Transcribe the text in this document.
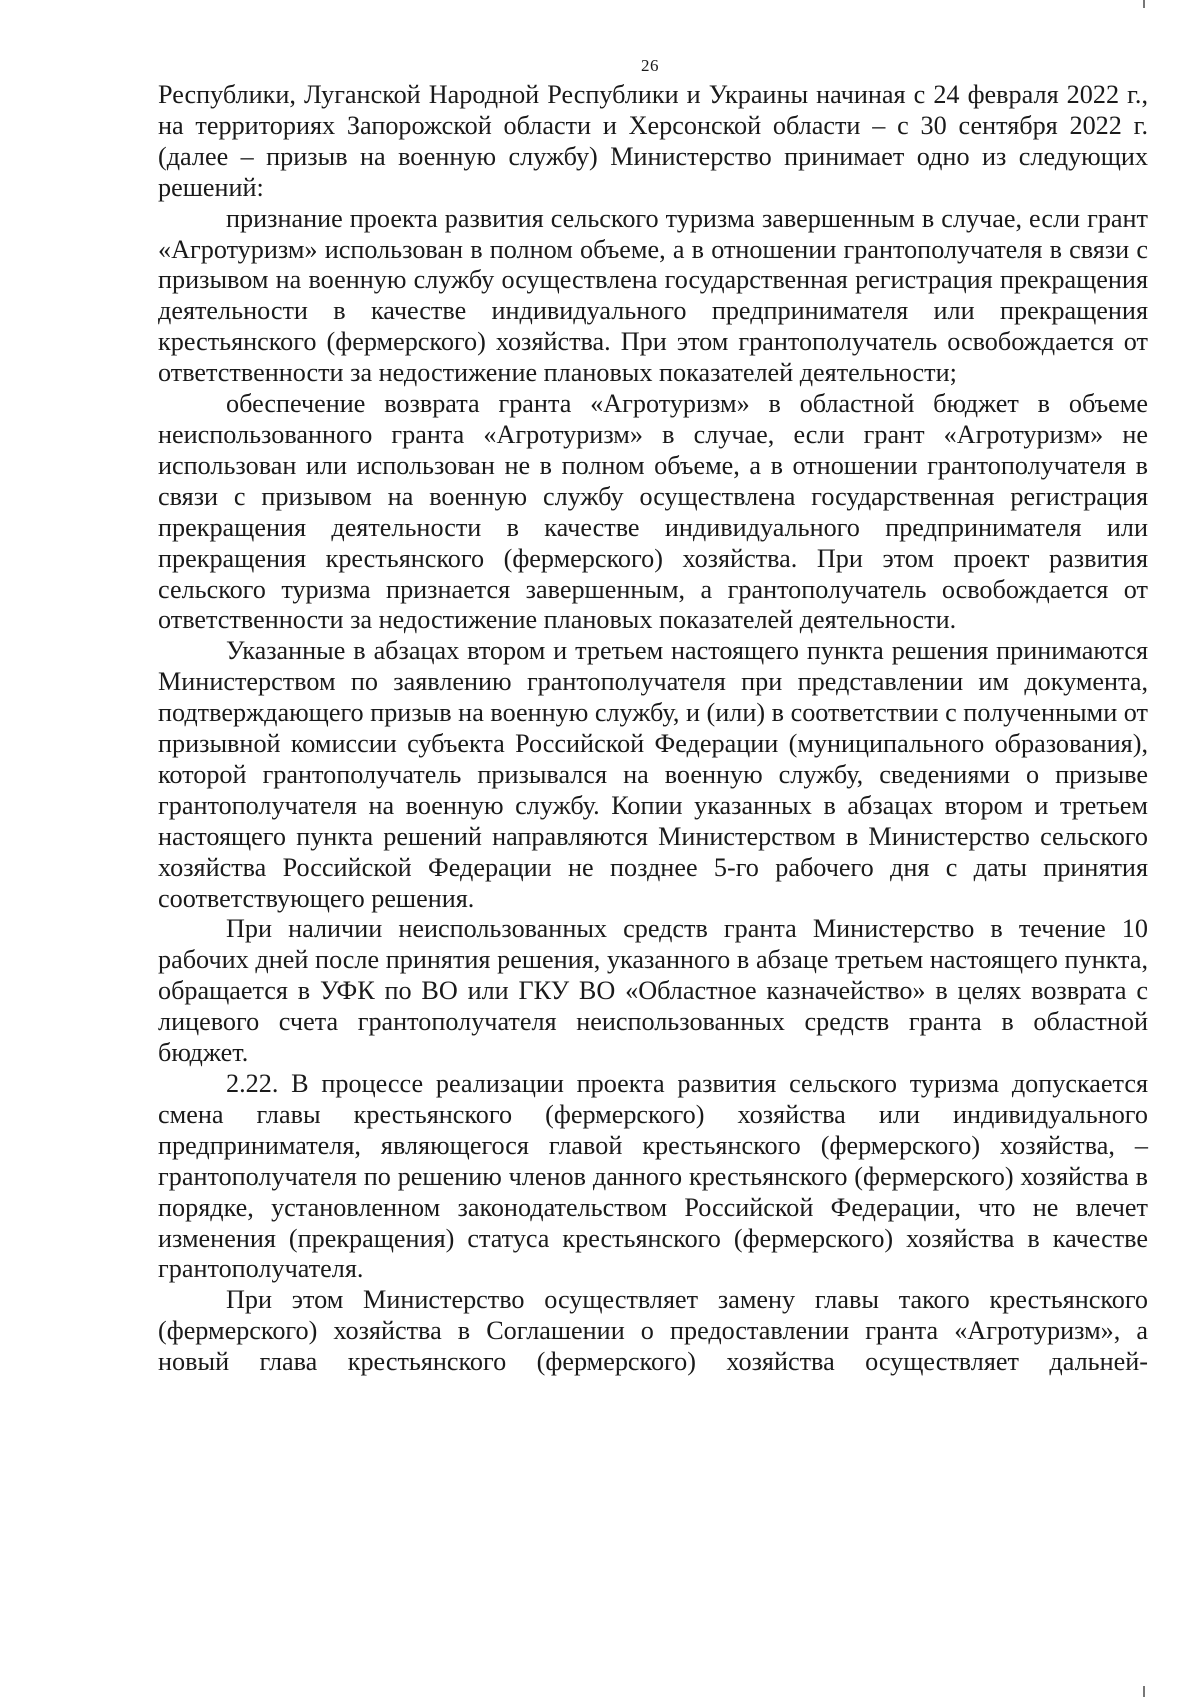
26

Республики, Луганской Народной Республики и Украины начиная с 24 февраля 2022 г., на территориях Запорожской области и Херсонской области – с 30 сентября 2022 г. (далее – призыв на военную службу) Министерство принимает одно из следующих решений:

признание проекта развития сельского туризма завершенным в случае, если грант «Агротуризм» использован в полном объеме, а в отношении грантополучателя в связи с призывом на военную службу осуществлена государственная регистрация прекращения деятельности в качестве индивидуального предпринимателя или прекращения крестьянского (фермерского) хозяйства. При этом грантополучатель освобождается от ответственности за недостижение плановых показателей деятельности;

обеспечение возврата гранта «Агротуризм» в областной бюджет в объеме неиспользованного гранта «Агротуризм» в случае, если грант «Агротуризм» не использован или использован не в полном объеме, а в отношении грантополучателя в связи с призывом на военную службу осуществлена государственная регистрация прекращения деятельности в качестве индивидуального предпринимателя или прекращения крестьянского (фермерского) хозяйства. При этом проект развития сельского туризма признается завершенным, а грантополучатель освобождается от ответственности за недостижение плановых показателей деятельности.

Указанные в абзацах втором и третьем настоящего пункта решения принимаются Министерством по заявлению грантополучателя при представлении им документа, подтверждающего призыв на военную службу, и (или) в соответствии с полученными от призывной комиссии субъекта Российской Федерации (муниципального образования), которой грантополучатель призывался на военную службу, сведениями о призыве грантополучателя на военную службу. Копии указанных в абзацах втором и третьем настоящего пункта решений направляются Министерством в Министерство сельского хозяйства Российской Федерации не позднее 5-го рабочего дня с даты принятия соответствующего решения.

При наличии неиспользованных средств гранта Министерство в течение 10 рабочих дней после принятия решения, указанного в абзаце третьем настоящего пункта, обращается в УФК по ВО или ГКУ ВО «Областное казначейство» в целях возврата с лицевого счета грантополучателя неиспользованных средств гранта в областной бюджет.

2.22. В процессе реализации проекта развития сельского туризма допускается смена главы крестьянского (фермерского) хозяйства или индивидуального предпринимателя, являющегося главой крестьянского (фермерского) хозяйства, – грантополучателя по решению членов данного крестьянского (фермерского) хозяйства в порядке, установленном законодательством Российской Федерации, что не влечет изменения (прекращения) статуса крестьянского (фермерского) хозяйства в качестве грантополучателя.

При этом Министерство осуществляет замену главы такого крестьянского (фермерского) хозяйства в Соглашении о предоставлении гранта «Агротуризм», а новый глава крестьянского (фермерского) хозяйства осуществляет дальней-
